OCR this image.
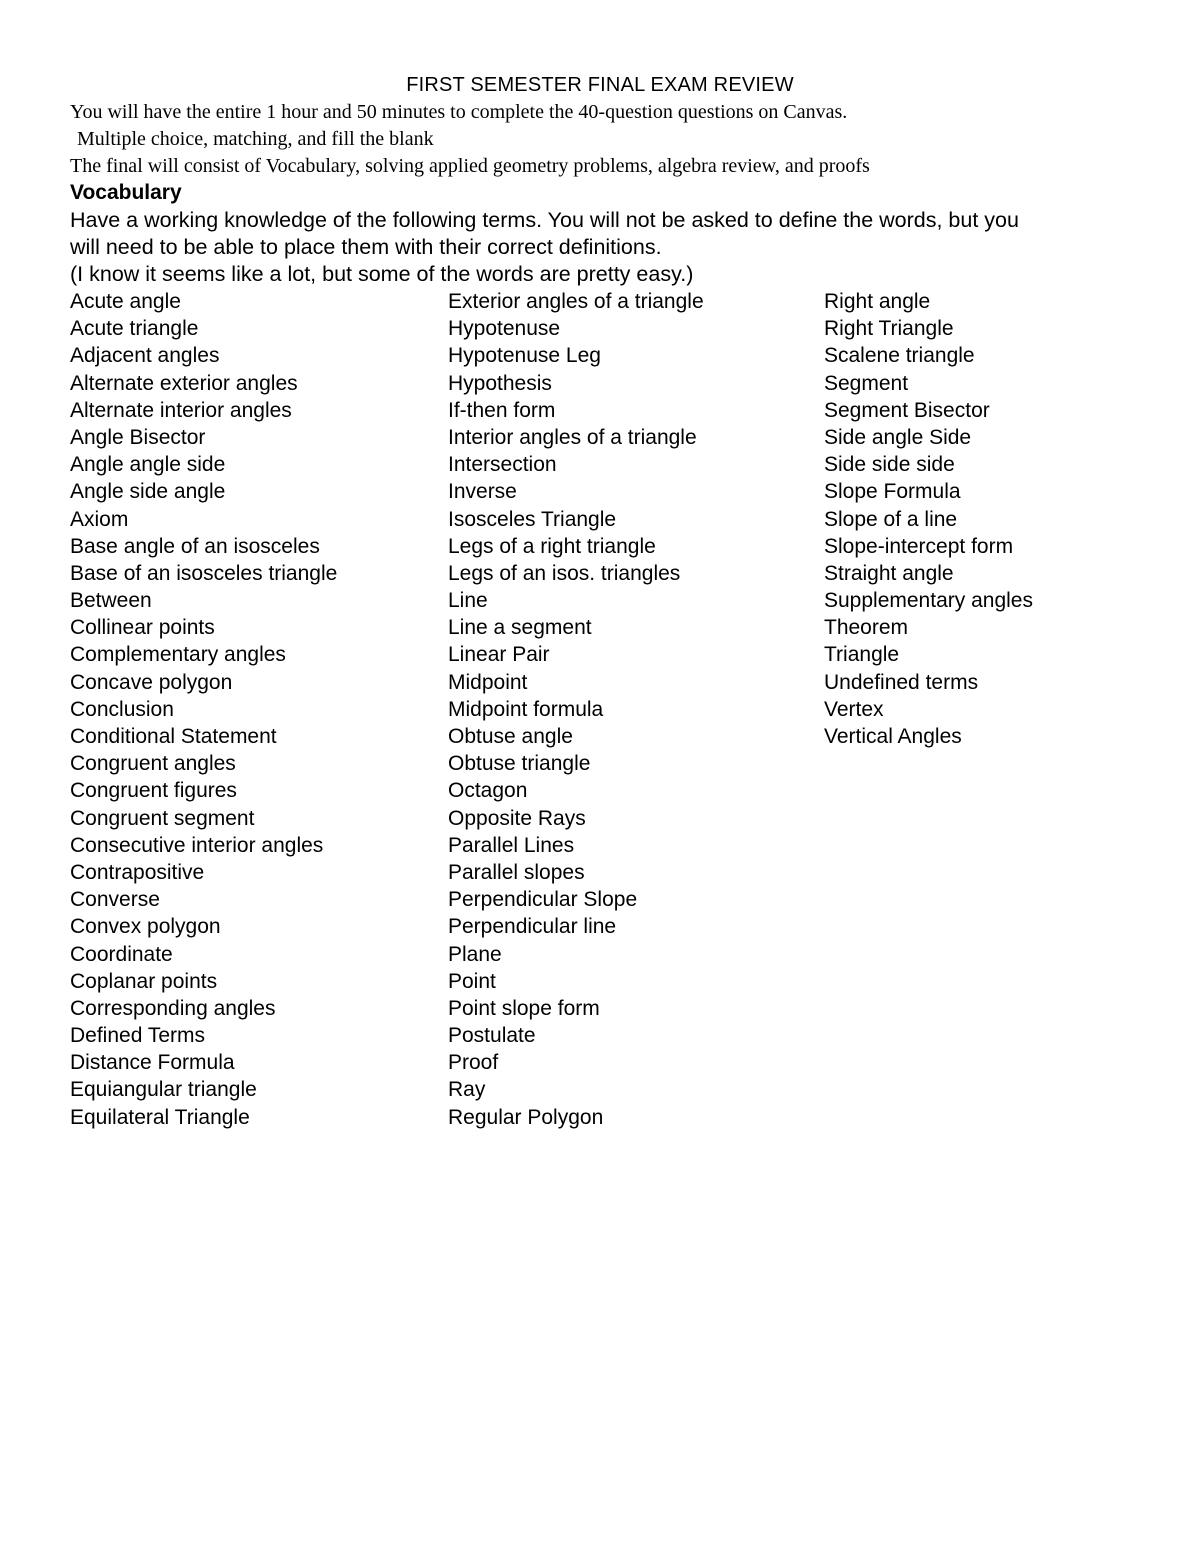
FIRST SEMESTER FINAL EXAM REVIEW
You will have the entire 1 hour and 50 minutes to complete the 40-question questions on Canvas.
Multiple choice, matching, and fill the blank
The final will consist of Vocabulary, solving applied geometry problems, algebra review, and proofs
Vocabulary
Have a working knowledge of the following terms. You will not be asked to define the words, but you
will need to be able to place them with their correct definitions.
(I know it seems like a lot, but some of the words are pretty easy.)
Acute angle
Acute triangle
Adjacent angles
Alternate exterior angles
Alternate interior angles
Angle Bisector
Angle angle side
Angle side angle
Axiom
Base angle of an isosceles
Base of an isosceles triangle
Between
Collinear points
Complementary angles
Concave polygon
Conclusion
Conditional Statement
Congruent angles
Congruent figures
Congruent segment
Consecutive interior angles
Contrapositive
Converse
Convex polygon
Coordinate
Coplanar points
Corresponding angles
Defined Terms
Distance Formula
Equiangular triangle
Equilateral Triangle
Exterior angles of a triangle
Hypotenuse
Hypotenuse Leg
Hypothesis
If-then form
Interior angles of a triangle
Intersection
Inverse
Isosceles Triangle
Legs of a right triangle
Legs of an isos. triangles
Line
Line a segment
Linear Pair
Midpoint
Midpoint formula
Obtuse angle
Obtuse triangle
Octagon
Opposite Rays
Parallel Lines
Parallel slopes
Perpendicular Slope
Perpendicular line
Plane
Point
Point slope form
Postulate
Proof
Ray
Regular Polygon
Right angle
Right Triangle
Scalene triangle
Segment
Segment Bisector
Side angle Side
Side side side
Slope Formula
Slope of a line
Slope-intercept form
Straight angle
Supplementary angles
Theorem
Triangle
Undefined terms
Vertex
Vertical Angles
